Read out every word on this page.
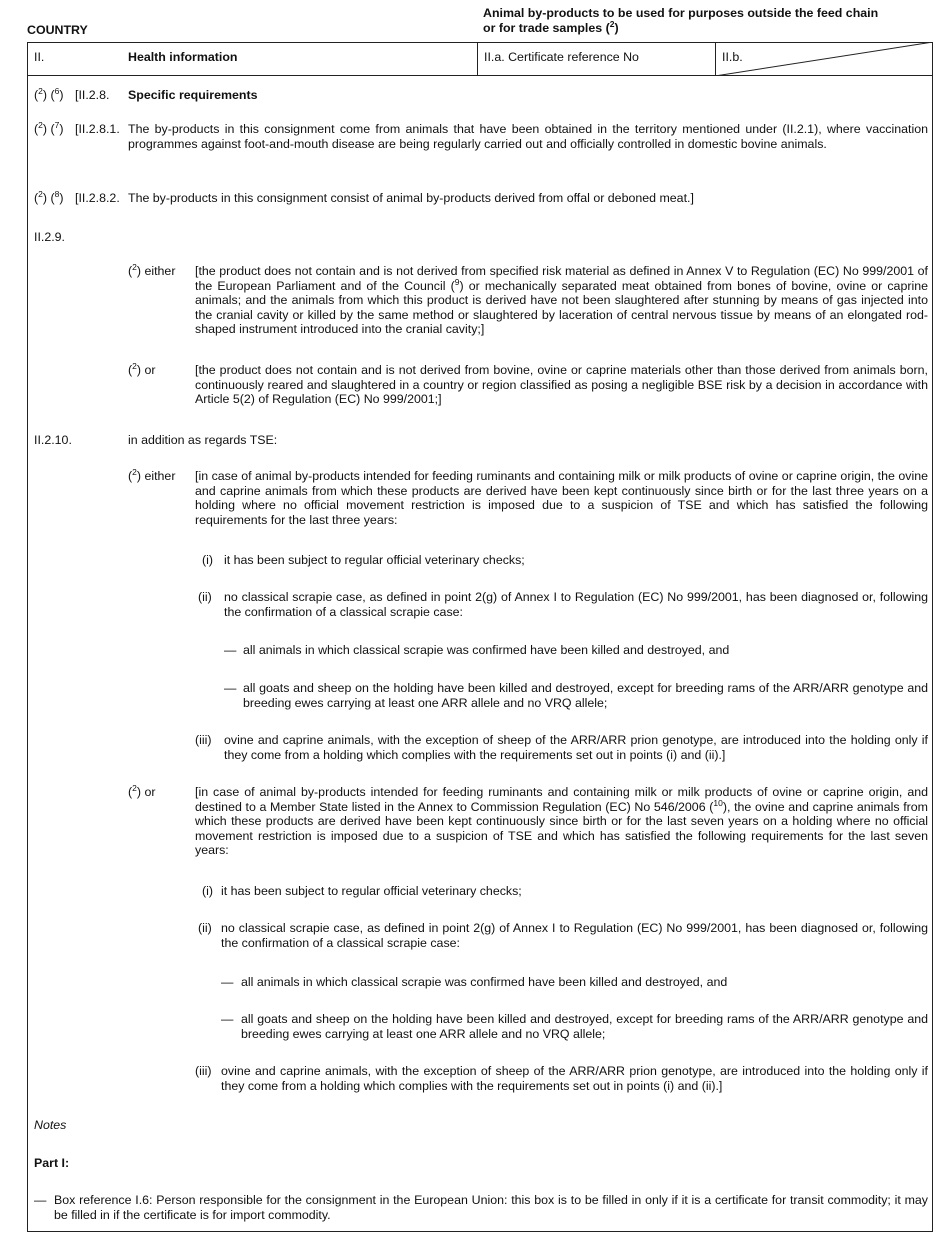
COUNTRY
Animal by-products to be used for purposes outside the feed chain
or for trade samples ($^2$)
II.	Health information	II.a. Certificate reference No	II.b.
($^2$) ($^6$) [II.2.8. Specific requirements
($^2$) ($^7$) [II.2.8.1. The by-products in this consignment come from animals that have been obtained in the territory mentioned under (II.2.1), where vaccination programmes against foot-and-mouth disease are being regularly carried out and officially controlled in domestic bovine animals.
($^2$) ($^8$) [II.2.8.2. The by-products in this consignment consist of animal by-products derived from offal or deboned meat.]
II.2.9.
($^2$) either [the product does not contain and is not derived from specified risk material as defined in Annex V to Regulation (EC) No 999/2001 of the European Parliament and of the Council ($^9$) or mechanically separated meat obtained from bones of bovine, ovine or caprine animals; and the animals from which this product is derived have not been slaughtered after stunning by means of gas injected into the cranial cavity or killed by the same method or slaughtered by laceration of central nervous tissue by means of an elongated rod-shaped instrument introduced into the cranial cavity;]
($^2$) or	[the product does not contain and is not derived from bovine, ovine or caprine materials other than those derived from animals born, continuously reared and slaughtered in a country or region classified as posing a negligible BSE risk by a decision in accordance with Article 5(2) of Regulation (EC) No 999/2001;]
II.2.10.	in addition as regards TSE:
($^2$) either [in case of animal by-products intended for feeding ruminants and containing milk or milk products of ovine or caprine origin, the ovine and caprine animals from which these products are derived have been kept continuously since birth or for the last three years on a holding where no official movement restriction is imposed due to a suspicion of TSE and which has satisfied the following requirements for the last three years:
(i) it has been subject to regular official veterinary checks;
(ii) no classical scrapie case, as defined in point 2(g) of Annex I to Regulation (EC) No 999/2001, has been diagnosed or, following the confirmation of a classical scrapie case:
— all animals in which classical scrapie was confirmed have been killed and destroyed, and
— all goats and sheep on the holding have been killed and destroyed, except for breeding rams of the ARR/ARR genotype and breeding ewes carrying at least one ARR allele and no VRQ allele;
(iii) ovine and caprine animals, with the exception of sheep of the ARR/ARR prion genotype, are introduced into the holding only if they come from a holding which complies with the requirements set out in points (i) and (ii).]
($^2$) or	[in case of animal by-products intended for feeding ruminants and containing milk or milk products of ovine or caprine origin, and destined to a Member State listed in the Annex to Commission Regulation (EC) No 546/2006 ($^{10}$), the ovine and caprine animals from which these products are derived have been kept continuously since birth or for the last seven years on a holding where no official movement restriction is imposed due to a suspicion of TSE and which has satisfied the following requirements for the last seven years:
(i) it has been subject to regular official veterinary checks;
(ii) no classical scrapie case, as defined in point 2(g) of Annex I to Regulation (EC) No 999/2001, has been diagnosed or, following the confirmation of a classical scrapie case:
— all animals in which classical scrapie was confirmed have been killed and destroyed, and
— all goats and sheep on the holding have been killed and destroyed, except for breeding rams of the ARR/ARR genotype and breeding ewes carrying at least one ARR allele and no VRQ allele;
(iii) ovine and caprine animals, with the exception of sheep of the ARR/ARR prion genotype, are introduced into the holding only if they come from a holding which complies with the requirements set out in points (i) and (ii).]
Notes
Part I:
— Box reference I.6: Person responsible for the consignment in the European Union: this box is to be filled in only if it is a certificate for transit commodity; it may be filled in if the certificate is for import commodity.
